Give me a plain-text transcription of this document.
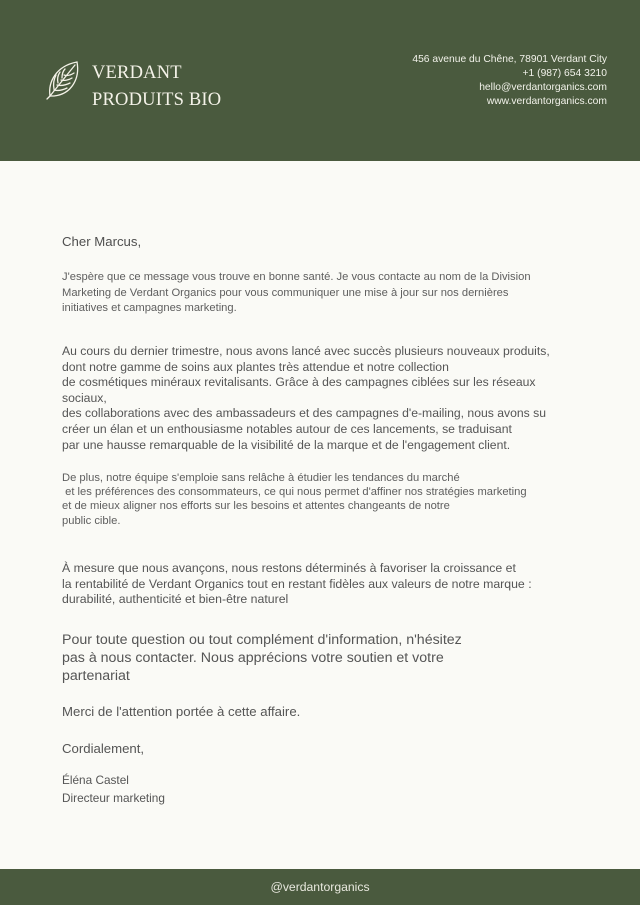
VERDANT
PRODUITS BIO
456 avenue du Chêne, 78901 Verdant City
+1 (987) 654 3210
hello@verdantorganics.com
www.verdantorganics.com
Cher Marcus,
J'espère que ce message vous trouve en bonne santé. Je vous contacte au nom de la Division
Marketing de Verdant Organics pour vous communiquer une mise à jour sur nos dernières
initiatives et campagnes marketing.
Au cours du dernier trimestre, nous avons lancé avec succès plusieurs nouveaux produits,
dont notre gamme de soins aux plantes très attendue et notre collection
de cosmétiques minéraux revitalisants. Grâce à des campagnes ciblées sur les réseaux
sociaux,
des collaborations avec des ambassadeurs et des campagnes d'e-mailing, nous avons su
créer un élan et un enthousiasme notables autour de ces lancements, se traduisant
par une hausse remarquable de la visibilité de la marque et de l'engagement client.
De plus, notre équipe s'emploie sans relâche à étudier les tendances du marché
et les préférences des consommateurs, ce qui nous permet d'affiner nos stratégies marketing
et de mieux aligner nos efforts sur les besoins et attentes changeants de notre
public cible.
À mesure que nous avançons, nous restons déterminés à favoriser la croissance et
la rentabilité de Verdant Organics tout en restant fidèles aux valeurs de notre marque :
durabilité, authenticité et bien-être naturel
Pour toute question ou tout complément d'information, n'hésitez
pas à nous contacter. Nous apprécions votre soutien et votre
partenariat
Merci de l'attention portée à cette affaire.
Cordialement,
Éléna Castel
Directeur marketing
@verdantorganics
